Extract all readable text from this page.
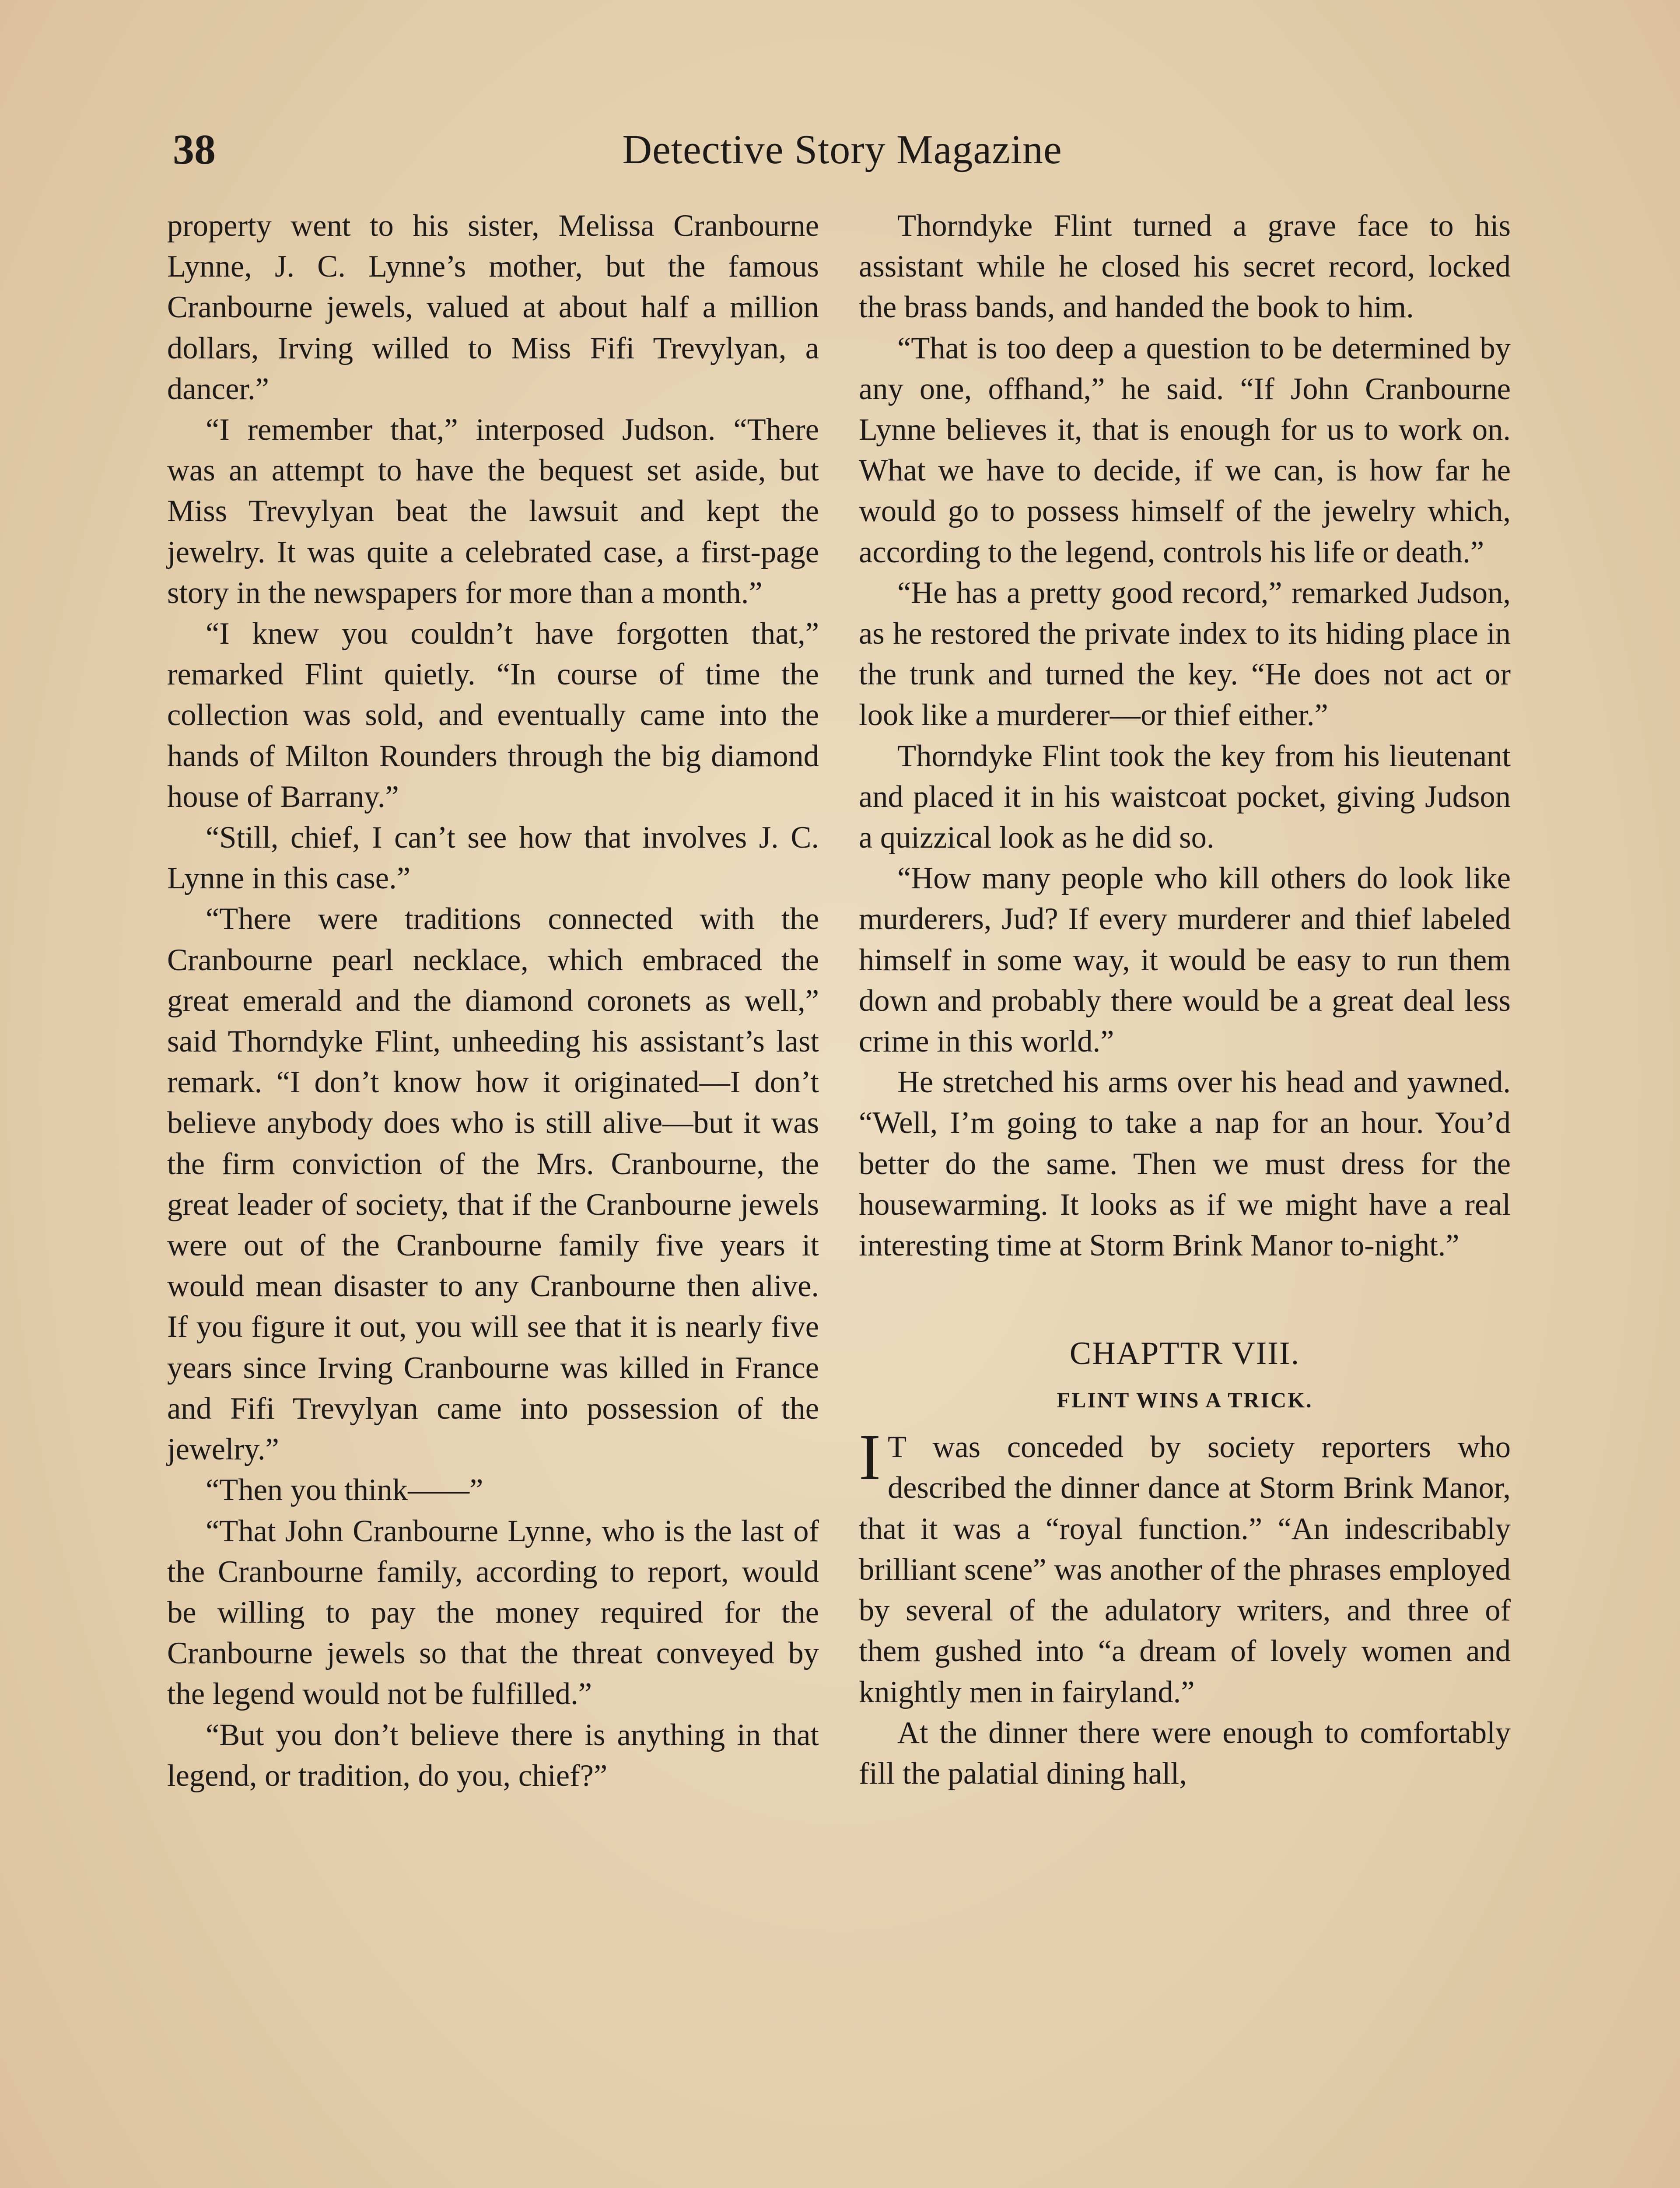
38	Detective Story Magazine

property went to his sister, Melissa Cranbourne Lynne, J. C. Lynne’s mother, but the famous Cranbourne jewels, valued at about half a million dollars, Irving willed to Miss Fifi Trevylyan, a dancer.”

“I remember that,” interposed Judson. “There was an attempt to have the bequest set aside, but Miss Trevylyan beat the lawsuit and kept the jewelry. It was quite a celebrated case, a first-page story in the newspapers for more than a month.”

“I knew you couldn’t have forgotten that,” remarked Flint quietly. “In course of time the collection was sold, and eventually came into the hands of Milton Rounders through the big diamond house of Barrany.”

“Still, chief, I can’t see how that involves J. C. Lynne in this case.”

“There were traditions connected with the Cranbourne pearl necklace, which embraced the great emerald and the diamond coronets as well,” said Thorndyke Flint, unheeding his assistant’s last remark. “I don’t know how it originated—I don’t believe anybody does who is still alive—but it was the firm conviction of the Mrs. Cranbourne, the great leader of society, that if the Cranbourne jewels were out of the Cranbourne family five years it would mean disaster to any Cranbourne then alive. If you figure it out, you will see that it is nearly five years since Irving Cranbourne was killed in France and Fifi Trevylyan came into possession of the jewelry.”

“Then you think——”

“That John Cranbourne Lynne, who is the last of the Cranbourne family, according to report, would be willing to pay the money required for the Cranbourne jewels so that the threat conveyed by the legend would not be fulfilled.”

“But you don’t believe there is anything in that legend, or tradition, do you, chief?”

Thorndyke Flint turned a grave face to his assistant while he closed his secret record, locked the brass bands, and handed the book to him.

“That is too deep a question to be determined by any one, offhand,” he said. “If John Cranbourne Lynne believes it, that is enough for us to work on. What we have to decide, if we can, is how far he would go to possess himself of the jewelry which, according to the legend, controls his life or death.”

“He has a pretty good record,” remarked Judson, as he restored the private index to its hiding place in the trunk and turned the key. “He does not act or look like a murderer—or thief either.”

Thorndyke Flint took the key from his lieutenant and placed it in his waistcoat pocket, giving Judson a quizzical look as he did so.

“How many people who kill others do look like murderers, Jud? If every murderer and thief labeled himself in some way, it would be easy to run them down and probably there would be a great deal less crime in this world.”

He stretched his arms over his head and yawned. “Well, I’m going to take a nap for an hour. You’d better do the same. Then we must dress for the housewarming. It looks as if we might have a real interesting time at Storm Brink Manor to-night.”

CHAPTTR VIII.
FLINT WINS A TRICK.

I T was conceded by society reporters who described the dinner dance at Storm Brink Manor, that it was a “royal function.” “An indescribably brilliant scene” was another of the phrases employed by several of the adulatory writers, and three of them gushed into “a dream of lovely women and knightly men in fairyland.”

At the dinner there were enough to comfortably fill the palatial dining hall,
